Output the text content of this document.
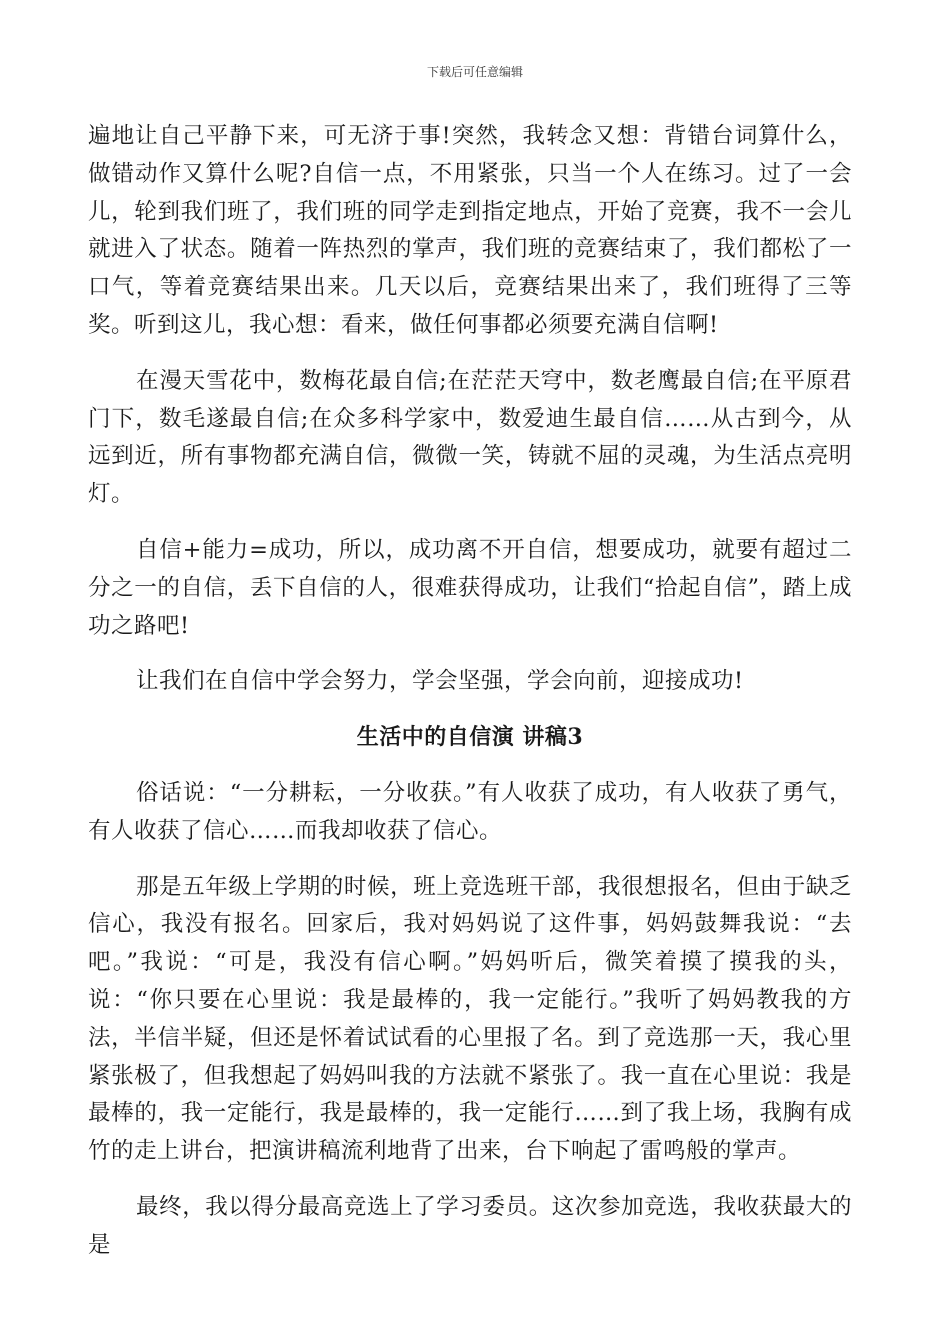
下载后可任意编辑

遍地让自己平静下来，可无济于事!突然，我转念又想：背错台词算什么，做错动作又算什么呢?自信一点，不用紧张，只当一个人在练习。过了一会儿，轮到我们班了，我们班的同学走到指定地点，开始了竞赛，我不一会儿就进入了状态。随着一阵热烈的掌声，我们班的竞赛结束了，我们都松了一口气，等着竞赛结果出来。几天以后，竞赛结果出来了，我们班得了三等奖。听到这儿，我心想：看来，做任何事都必须要充满自信啊!

在漫天雪花中，数梅花最自信;在茫茫天穹中，数老鹰最自信;在平原君门下，数毛遂最自信;在众多科学家中，数爱迪生最自信……从古到今，从远到近，所有事物都充满自信，微微一笑，铸就不屈的灵魂，为生活点亮明灯。

自信+能力=成功，所以，成功离不开自信，想要成功，就要有超过二分之一的自信，丢下自信的人，很难获得成功，让我们“拾起自信”，踏上成功之路吧!

让我们在自信中学会努力，学会坚强，学会向前，迎接成功!

生活中的自信演 讲稿3

俗话说：“一分耕耘，一分收获。”有人收获了成功，有人收获了勇气，有人收获了信心……而我却收获了信心。

那是五年级上学期的时候，班上竞选班干部，我很想报名，但由于缺乏信心，我没有报名。回家后，我对妈妈说了这件事，妈妈鼓舞我说：“去吧。”我说：“可是，我没有信心啊。”妈妈听后，微笑着摸了摸我的头，说：“你只要在心里说：我是最棒的，我一定能行。”我听了妈妈教我的方法，半信半疑，但还是怀着试试看的心里报了名。到了竞选那一天，我心里紧张极了，但我想起了妈妈叫我的方法就不紧张了。我一直在心里说：我是最棒的，我一定能行，我是最棒的，我一定能行……到了我上场，我胸有成竹的走上讲台，把演讲稿流利地背了出来，台下响起了雷鸣般的掌声。

最终，我以得分最高竞选上了学习委员。这次参加竞选，我收获最大的是
